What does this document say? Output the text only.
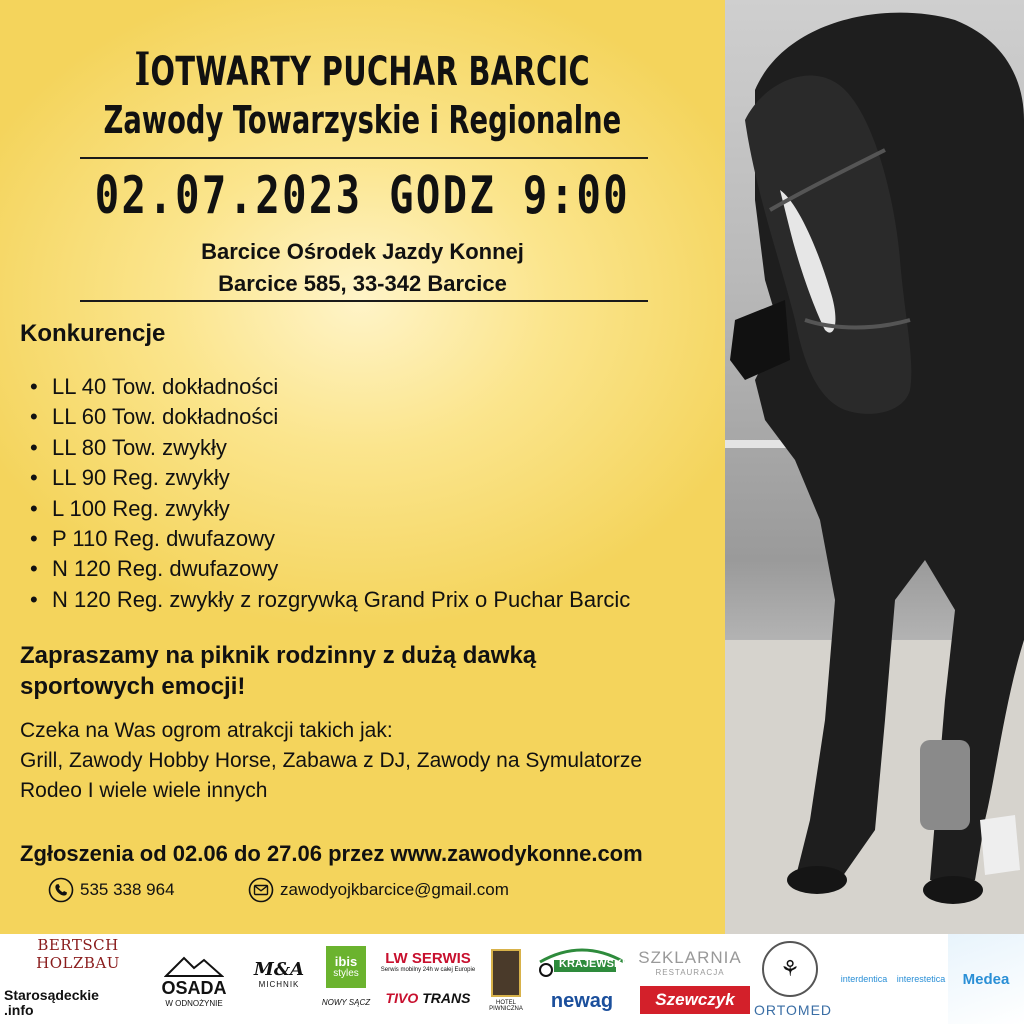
IOTWARTY PUCHAR BARCIC
Zawody Towarzyskie i Regionalne
02.07.2023 GODZ 9:00
Barcice Ośrodek Jazdy Konnej
Barcice 585, 33-342 Barcice
Konkurencje
• LL 40 Tow. dokładności
• LL 60 Tow. dokładności
• LL 80 Tow. zwykły
• LL 90 Reg. zwykły
• L 100 Reg. zwykły
• P 110 Reg. dwufazowy
• N 120 Reg. dwufazowy
• N 120 Reg. zwykły z rozgrywką Grand Prix o Puchar Barcic
Zapraszamy na piknik rodzinny z dużą dawką
sportowych emocji!
Czeka na Was ogrom atrakcji takich jak:
Grill, Zawody Hobby Horse, Zabawa z DJ, Zawody na Symulatorze
Rodeo I wiele wiele innych
Zgłoszenia od 02.06 do 27.06 przez www.zawodykonne.com
535 338 964	zawodyojkbarcice@gmail.com
BERTSCH HOLZBAU
Starosądeckie
.info
OSADA
W ODNOŻYNIE
M&A
MICHNIK
ibis
styles
NOWY SĄCZ
LW SERWIS
Serwis mobilny 24h w całej Europie
TIVO TRANS	HOTEL PIWNICZNA
KRAJEWSKI
newag
SZKLARNIA
RESTAURACJA
Szewczyk
⚘
ORTOMED
interdentica interestetica Medea
